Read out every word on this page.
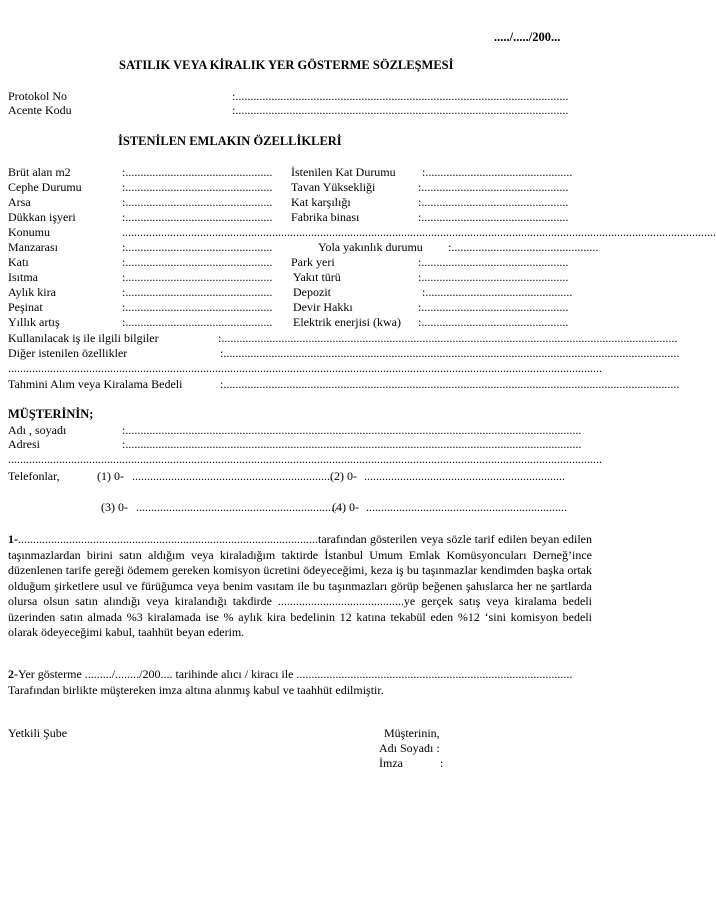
...../...../200...
SATILIK VEYA KİRALIK YER GÖSTERME SÖZLEŞMESİ
Protokol No	:...............................................................................................................
Acente Kodu	:...............................................................................................................
İSTENİLEN EMLAKIN ÖZELLİKLERİ
Brüt alan m2	:.................................................	İstenilen Kat Durumu :.................................................
Cephe Durumu	:.................................................	Tavan Yüksekliği	:.................................................
Arsa	:.................................................	Kat karşılığı	:.................................................
Dükkan işyeri	:.................................................	Fabrika binası	:.................................................
Konumu	......................................................................................................................................................................................................
Manzarası	:.................................................	Yola yakınlık durumu :.................................................
Katı	:.................................................	Park yeri	:.................................................
Isıtma	:.................................................	Yakıt türü	:.................................................
Aylık kira	:.................................................	Depozit	:.................................................
Peşinat	:.................................................	Devir Hakkı	:.................................................
Yıllık artış	:.................................................	Elektrik enerjisi (kwa) :.................................................
Kullanılacak iş ile ilgili bilgiler	:........................................................................................................................................................
Diğer istenilen özellikler	:........................................................................................................................................................
......................................................................................................................................................................................................
Tahmini Alım veya Kiralama Bedeli	:........................................................................................................................................................
MÜŞTERİNİN;
Adı , soyadı	:........................................................................................................................................................
Adresi	:........................................................................................................................................................
......................................................................................................................................................................................................
Telefonlar,	(1) 0- ...................................................................
(2) 0- ...................................................................
(3) 0- ...................................................................
(4) 0- ...................................................................
1-....................................................................................................tarafından gösterilen veya sözle tarif edilen beyan edilen taşınmazlardan birini satın aldığım veya kiraladığım taktirde İstanbul Umum Emlak Komüsyoncuları Derneğ’ince düzenlenen tarife gereği ödemem gereken komisyon ücretini ödeyeceğimi, keza iş bu taşınmazlar kendimden başka ortak olduğum şirketlere usul ve fürüğumca veya benim vasıtam ile bu taşınmazları görüp beğenen şahıslarca her ne şartlarda olursa olsun satın alındığı veya kiralandığı takdirde ..........................................ye gerçek satış veya kiralama bedeli üzerinden satın almada %3 kiralamada ise % aylık kira bedelinin 12 katına tekabül eden %12 ‘sini komisyon bedeli olarak ödeyeceğimi kabul, taahhüt beyan ederim.
2-Yer gösterme ........./......../200.... tarihinde alıcı / kiracı ile ............................................................................................ Tarafından birlikte müştereken imza altına alınmış kabul ve taahhüt edilmiştir.
Yetkili Şube	Müşterinin,
Adı Soyadı :
İmza	:
